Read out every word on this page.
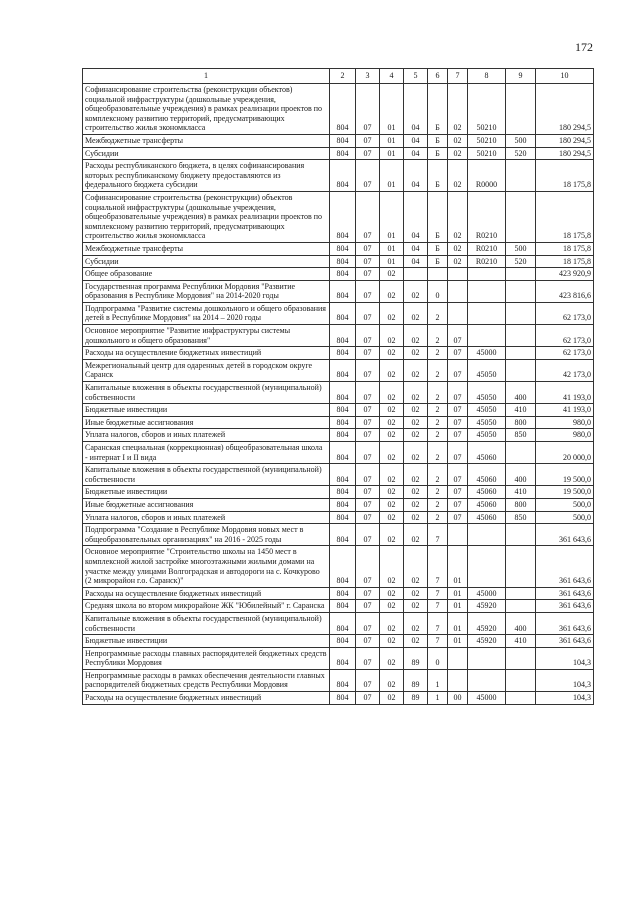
172
1	2	3	4	5	6	7	8	9	10
Софинансирование строительства (реконструкции объектов) социальной инфраструктуры (дошкольные учреждения, общеобразовательные учреждения) в рамках реализации проектов по комплексному развитию территорий, предусматривающих строительство жилья экономкласса	804	07	01	04	Б	02	50210		180 294,5
Межбюджетные трансферты	804	07	01	04	Б	02	50210	500	180 294,5
Субсидии	804	07	01	04	Б	02	50210	520	180 294,5
Расходы республиканского бюджета, в целях софинансирования которых республиканскому бюджету предоставляются из федерального бюджета субсидии	804	07	01	04	Б	02	R0000		18 175,8
Софинансирование строительства (реконструкции) объектов социальной инфраструктуры (дошкольные учреждения, общеобразовательные учреждения) в рамках реализации проектов по комплексному развитию территорий, предусматривающих строительство жилья экономкласса	804	07	01	04	Б	02	R0210		18 175,8
Межбюджетные трансферты	804	07	01	04	Б	02	R0210	500	18 175,8
Субсидии	804	07	01	04	Б	02	R0210	520	18 175,8
Общее образование	804	07	02						423 920,9
Государственная программа Республики Мордовия "Развитие образования в Республике Мордовия" на 2014-2020 годы	804	07	02	02	0				423 816,6
Подпрограмма "Развитие системы дошкольного и общего образования детей в Республике Мордовия" на 2014 – 2020 годы	804	07	02	02	2				62 173,0
Основное мероприятие "Развитие инфраструктуры системы дошкольного и общего образования"	804	07	02	02	2	07			62 173,0
Расходы на осуществление бюджетных инвестиций	804	07	02	02	2	07	45000		62 173,0
Межрегиональный центр для одаренных детей в городском округе Саранск	804	07	02	02	2	07	45050		42 173,0
Капитальные вложения в объекты государственной (муниципальной) собственности	804	07	02	02	2	07	45050	400	41 193,0
Бюджетные инвестиции	804	07	02	02	2	07	45050	410	41 193,0
Иные бюджетные ассигнования	804	07	02	02	2	07	45050	800	980,0
Уплата налогов, сборов и иных платежей	804	07	02	02	2	07	45050	850	980,0
Саранская специальная (коррекционная) общеобразовательная школа - интернат I и II вида	804	07	02	02	2	07	45060		20 000,0
Капитальные вложения в объекты государственной (муниципальной) собственности	804	07	02	02	2	07	45060	400	19 500,0
Бюджетные инвестиции	804	07	02	02	2	07	45060	410	19 500,0
Иные бюджетные ассигнования	804	07	02	02	2	07	45060	800	500,0
Уплата налогов, сборов и иных платежей	804	07	02	02	2	07	45060	850	500,0
Подпрограмма "Создание в Республике Мордовия новых мест в общеобразовательных организациях" на 2016 - 2025 годы	804	07	02	02	7				361 643,6
Основное мероприятие "Строительство школы на 1450 мест в комплексной жилой застройке многоэтажными жилыми домами на участке между улицами Волгоградская и автодороги на с. Кочкурово (2 микрорайон г.о. Саранск)"	804	07	02	02	7	01			361 643,6
Расходы на осуществление бюджетных инвестиций	804	07	02	02	7	01	45000		361 643,6
Средняя школа во втором микрорайоне ЖК "Юбилейный" г. Саранска	804	07	02	02	7	01	45920		361 643,6
Капитальные вложения в объекты государственной (муниципальной) собственности	804	07	02	02	7	01	45920	400	361 643,6
Бюджетные инвестиции	804	07	02	02	7	01	45920	410	361 643,6
Непрограммные расходы главных распорядителей бюджетных средств Республики Мордовия	804	07	02	89	0				104,3
Непрограммные расходы в рамках обеспечения деятельности главных распорядителей бюджетных средств Республики Мордовия	804	07	02	89	1				104,3
Расходы на осуществление бюджетных инвестиций	804	07	02	89	1	00	45000		104,3
